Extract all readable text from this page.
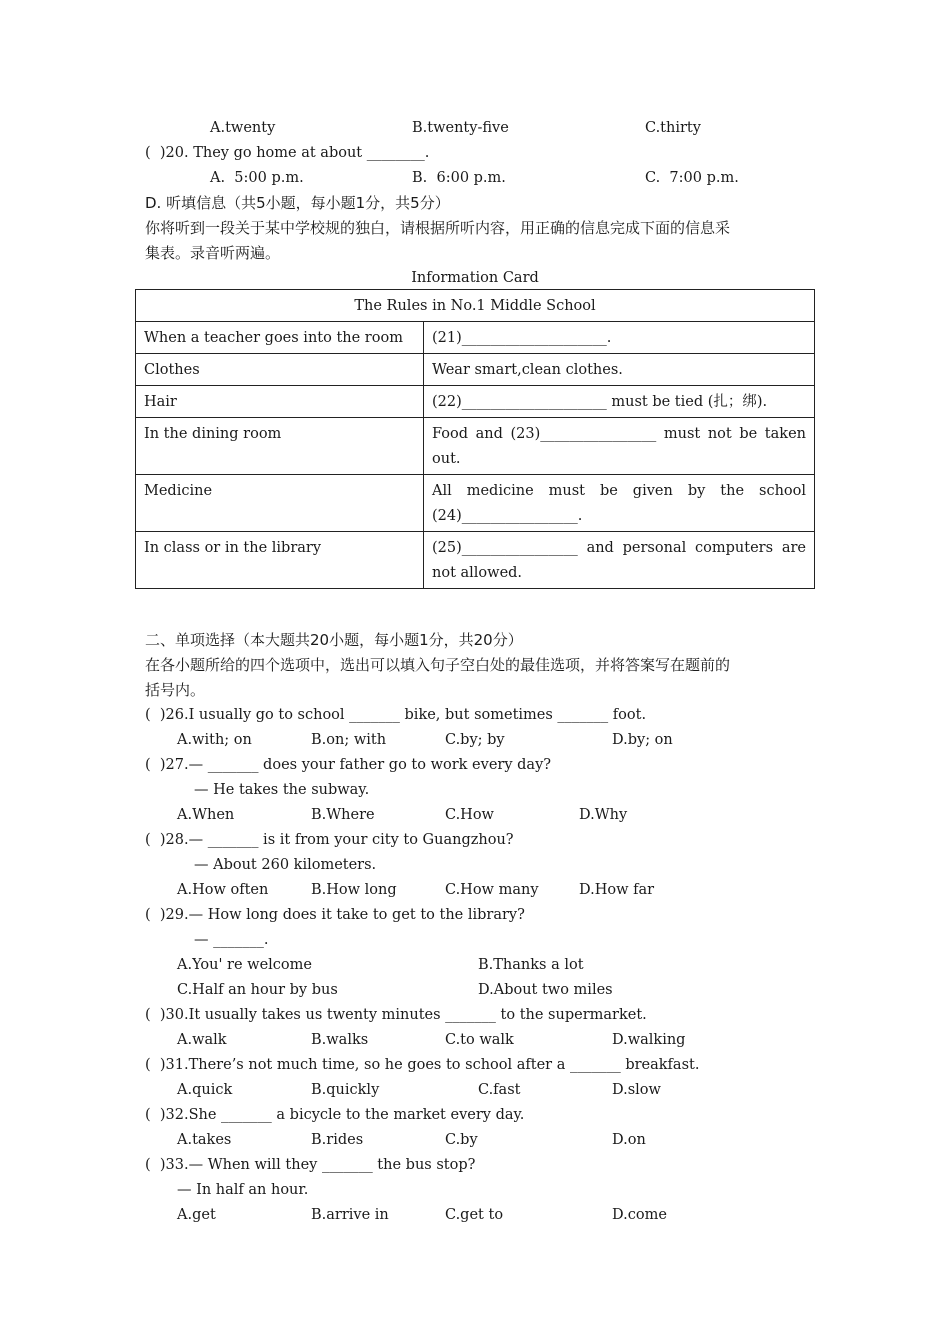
A.twenty	B.twenty-five	C.thirty
(  )20. They go home at about ________.
A.  5:00 p.m.	B.  6:00 p.m.	C.  7:00 p.m.
D. 听填信息（共5小题，每小题1分，共5分）
你将听到一段关于某中学校规的独白，请根据所听内容，用正确的信息完成下面的信息采
集表。录音听两遍。
Information Card
The Rules in No.1 Middle School	
When a teacher goes into the room	(21)____________________.
Clothes	Wear smart,clean clothes.
Hair	(22)____________________ must be tied (扎；绑).
In the dining room	Food and (23)________________ must not be taken out.
Medicine	All medicine must be given by the school (24)________________.
In class or in the library	(25)________________ and personal computers are not allowed.
二、单项选择（本大题共20小题，每小题1分，共20分）
在各小题所给的四个选项中，选出可以填入句子空白处的最佳选项，并将答案写在题前的
括号内。
(  )26.I usually go to school _______ bike, but sometimes _______ foot.
A.with; on	B.on; with	C.by; by	D.by; on
(  )27.— _______ does your father go to work every day?
— He takes the subway.
A.When	B.Where	C.How	D.Why
(  )28.— _______ is it from your city to Guangzhou?
— About 260 kilometers.
A.How often	B.How long	C.How many	D.How far
(  )29.— How long does it take to get to the library?
— _______.
A.You' re welcome	B.Thanks a lot
C.Half an hour by bus	D.About two miles
(  )30.It usually takes us twenty minutes _______ to the supermarket.
A.walk	B.walks	C.to walk	D.walking
(  )31.There’s not much time, so he goes to school after a _______ breakfast.
A.quick	B.quickly	C.fast	D.slow
(  )32.She _______ a bicycle to the market every day.
A.takes	B.rides	C.by	D.on
(  )33.— When will they _______ the bus stop?
— In half an hour.
A.get	B.arrive in	C.get to	D.come
